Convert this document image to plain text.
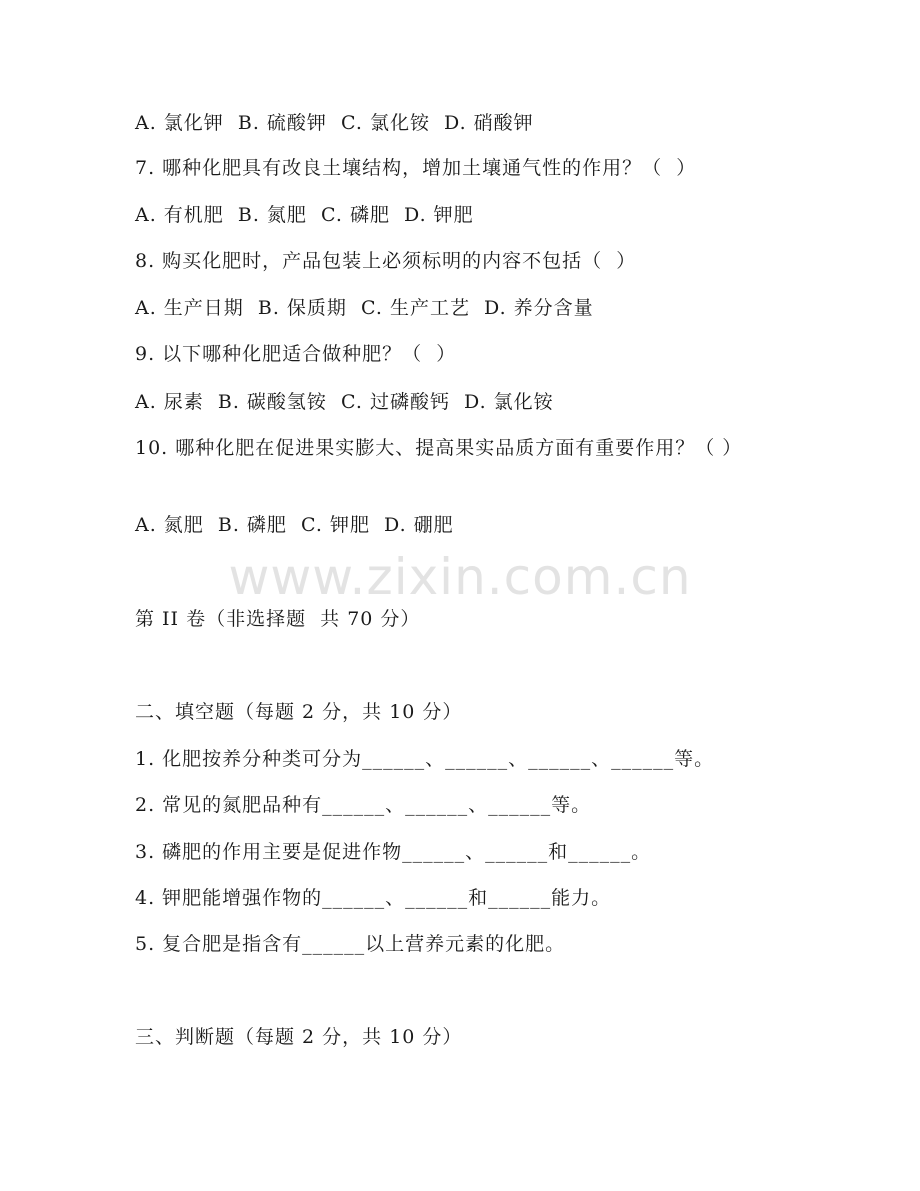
www.zixin.com.cn
A. 氯化钾  B. 硫酸钾  C. 氯化铵  D. 硝酸钾
7. 哪种化肥具有改良土壤结构，增加土壤通气性的作用？（  ）
A. 有机肥  B. 氮肥  C. 磷肥  D. 钾肥
8. 购买化肥时，产品包装上必须标明的内容不包括（  ）
A. 生产日期  B. 保质期  C. 生产工艺  D. 养分含量
9. 以下哪种化肥适合做种肥？（  ）
A. 尿素  B. 碳酸氢铵  C. 过磷酸钙  D. 氯化铵
10. 哪种化肥在促进果实膨大、提高果实品质方面有重要作用？（ ）
A. 氮肥  B. 磷肥  C. 钾肥  D. 硼肥
第 II 卷（非选择题  共 70 分）
二、填空题（每题 2 分，共 10 分）
1. 化肥按养分种类可分为______、______、______、______等。
2. 常见的氮肥品种有______、______、______等。
3. 磷肥的作用主要是促进作物______、______和______。
4. 钾肥能增强作物的______、______和______能力。
5. 复合肥是指含有______以上营养元素的化肥。
三、判断题（每题 2 分，共 10 分）
